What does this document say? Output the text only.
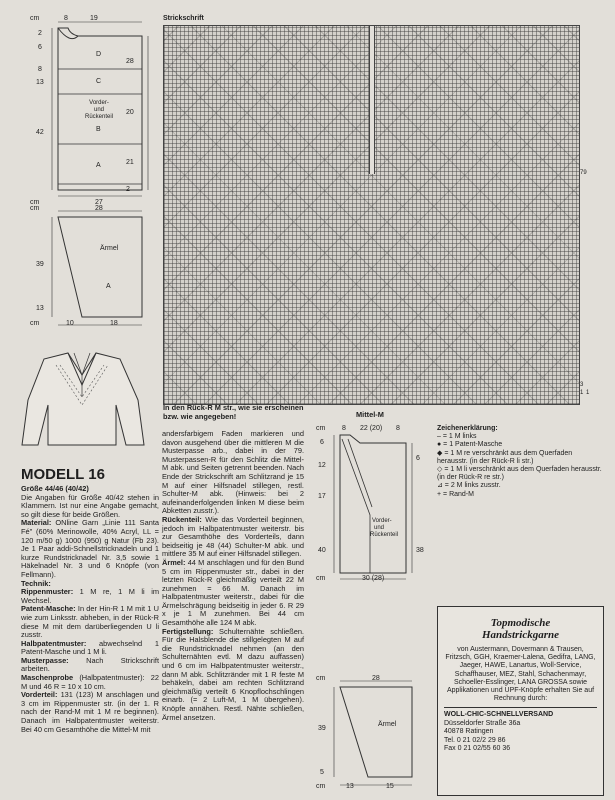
cm	8	19
2
6
8
13
42
28
20
21
2
cm	27
D
C
Vorder-
und
Rückenteil
B
A
cm	28
39
13
Ärmel
A
cm	10	18
MODELL 16
Größe 44/46 (40/42)
Die Angaben für Größe 40/42 stehen in Klammern. Ist nur eine Angabe gemacht, so gilt diese für beide Größen.
Material: ONline Garn „Linie 111 Santa Fé" (60% Merinowolle, 40% Acryl, LL = 120 m/50 g) 1000 (950) g Natur (Fb 23). Je 1 Paar addi-Schnellstricknadeln und 1 kurze Rundstricknadel Nr. 3,5 sowie 1 Häkelnadel Nr. 3 und 6 Knöpfe (von Fellmann).
Technik:
Rippenmuster: 1 M re, 1 M li im Wechsel.
Patent-Masche: In der Hin-R 1 M mit 1 U wie zum Linksstr. abheben, in der Rück-R diese M mit dem darüberliegenden U li zusstr.
Halbpatentmuster: abwechselnd 1 Patent-Masche und 1 M li.
Musterpasse: Nach Strickschrift arbeiten.
Maschenprobe (Halbpatentmuster): 22 M und 46 R = 10 x 10 cm.
Vorderteil: 131 (123) M anschlagen und 3 cm im Rippenmuster str. (in der 1. R nach der Rand-M mit 1 M re beginnen). Danach im Halbpatentmuster weiterstr. Bei 40 cm Gesamthöhe die Mittel-M mit
Strickschrift
79
3
1 1
In den Rück-R M str., wie sie erscheinen
bzw. wie angegeben!	Mittel-M
andersfarbigem Faden markieren und davon ausgehend über die mittleren M die Musterpasse arb., dabei in der 79. Musterpassen-R für den Schlitz die Mittel-M abk. und Seiten getrennt beenden. Nach Ende der Strickschrift am Schlitzrand je 15 M auf einer Hilfsnadel stillegen, restl. Schulter-M abk. (Hinweis: bei 2 aufeinanderfolgenden linken M diese beim Abketten zusstr.).
Rückenteil: Wie das Vorderteil beginnen, jedoch im Halbpatentmuster weiterstr. bis zur Gesamthöhe des Vorderteils, dann beidseitig je 48 (44) Schulter-M abk. und mittlere 35 M auf einer Hilfsnadel stillegen.
Ärmel: 44 M anschlagen und für den Bund 5 cm im Rippenmuster str., dabei in der letzten Rück-R gleichmäßig verteilt 22 M zunehmen = 66 M. Danach im Halbpatentmuster weiterstr., dabei für die Ärmelschrägung beidseitig in jeder 6. R 29 x je 1 M zunehmen. Bei 44 cm Gesamthöhe alle 124 M abk.
Fertigstellung: Schulternähte schließen. Für die Halsblende die stillgelegten M auf die Rundstricknadel nehmen (an den Schulternähten evtl. M dazu auffassen) und 6 cm im Halbpatentmuster weiterstr., dann M abk. Schlitzränder mit 1 R feste M behäkeln, dabei am rechten Schlitzrand gleichmäßig verteilt 6 Knopflochschlingen einarb. (= 2 Luft-M, 1 M übergehen). Knöpfe annähen. Restl. Nähte schließen, Ärmel ansetzen.
cm 8 22 (20) 8
6
12
17
40
6
38
Vorder-
und
Rückenteil
cm	30 (28)
cm	28
39
5
Ärmel
cm	13	15
Zeichenerklärung:
– = 1 M links
● = 1 Patent-Masche
◆ = 1 M re verschränkt aus dem Querfaden herausstr. (in der Rück-R li str.)
◇ = 1 M li verschränkt aus dem Querfaden herausstr. (in der Rück-R re str.)
⊿ = 2 M links zusstr.
+ = Rand-M
Topmodische
Handstrickgarne
von Austermann, Dovermann & Trausen, Fritzsch, GGH, Kraemer-Lalena, Gedifra, LANG, Jaeger, HAWE, Lanartus, Woll-Service, Schaffhauser, MEZ, Stahl, Schachenmayr, Schoeller-Esslinger, LANA GROSSA sowie Applikationen und UPF-Knöpfe erhalten Sie auf Rechnung durch:
WOLL-CHIC-SCHNELLVERSAND
Düsseldorfer Straße 36a
40878 Ratingen
Tel. 0 21 02/2 29 86
Fax 0 21 02/55 60 36
